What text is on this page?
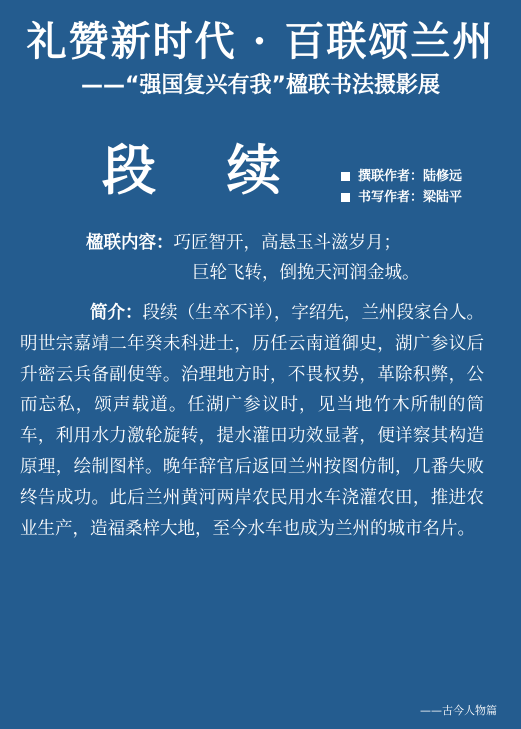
礼赞新时代 · 百联颂兰州
——“强国复兴有我”楹联书法摄影展
段 续	撰联作者： 陆修远
书写作者： 梁陆平
楹联内容：巧匠智开，高悬玉斗滋岁月；
巨轮飞转，倒挽天河润金城。
简介：段续（生卒不详），字绍先，兰州段家台人。明世宗嘉靖二年癸未科进士，历任云南道御史，湖广参议后升密云兵备副使等。治理地方时，不畏权势，革除积弊，公而忘私，颂声载道。任湖广参议时，见当地竹木所制的筒车，利用水力激轮旋转，提水灌田功效显著，便详察其构造原理，绘制图样。晚年辞官后返回兰州按图仿制，几番失败终告成功。此后兰州黄河两岸农民用水车浇灌农田，推进农业生产，造福桑梓大地，至今水车也成为兰州的城市名片。
——古今人物篇
